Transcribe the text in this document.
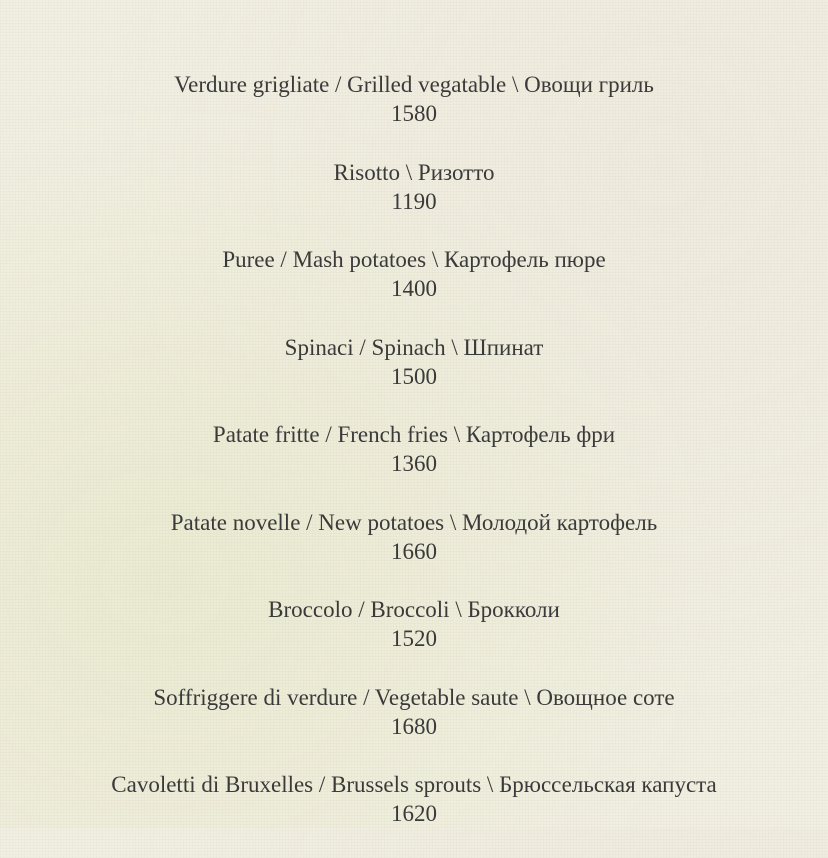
Verdure grigliate / Grilled vegatable \ Овощи гриль
1580
Risotto \ Ризотто
1190
Puree / Mash potatoes \ Картофель пюре
1400
Spinaci / Spinach \ Шпинат
1500
Patate fritte / French fries \ Картофель фри
1360
Patate novelle / New potatoes \ Молодой картофель
1660
Broccolo / Broccoli \ Брокколи
1520
Soffriggere di verdure / Vegetable saute \ Овощное соте
1680
Cavoletti di Bruxelles / Brussels sprouts \ Брюссельская капуста
1620
